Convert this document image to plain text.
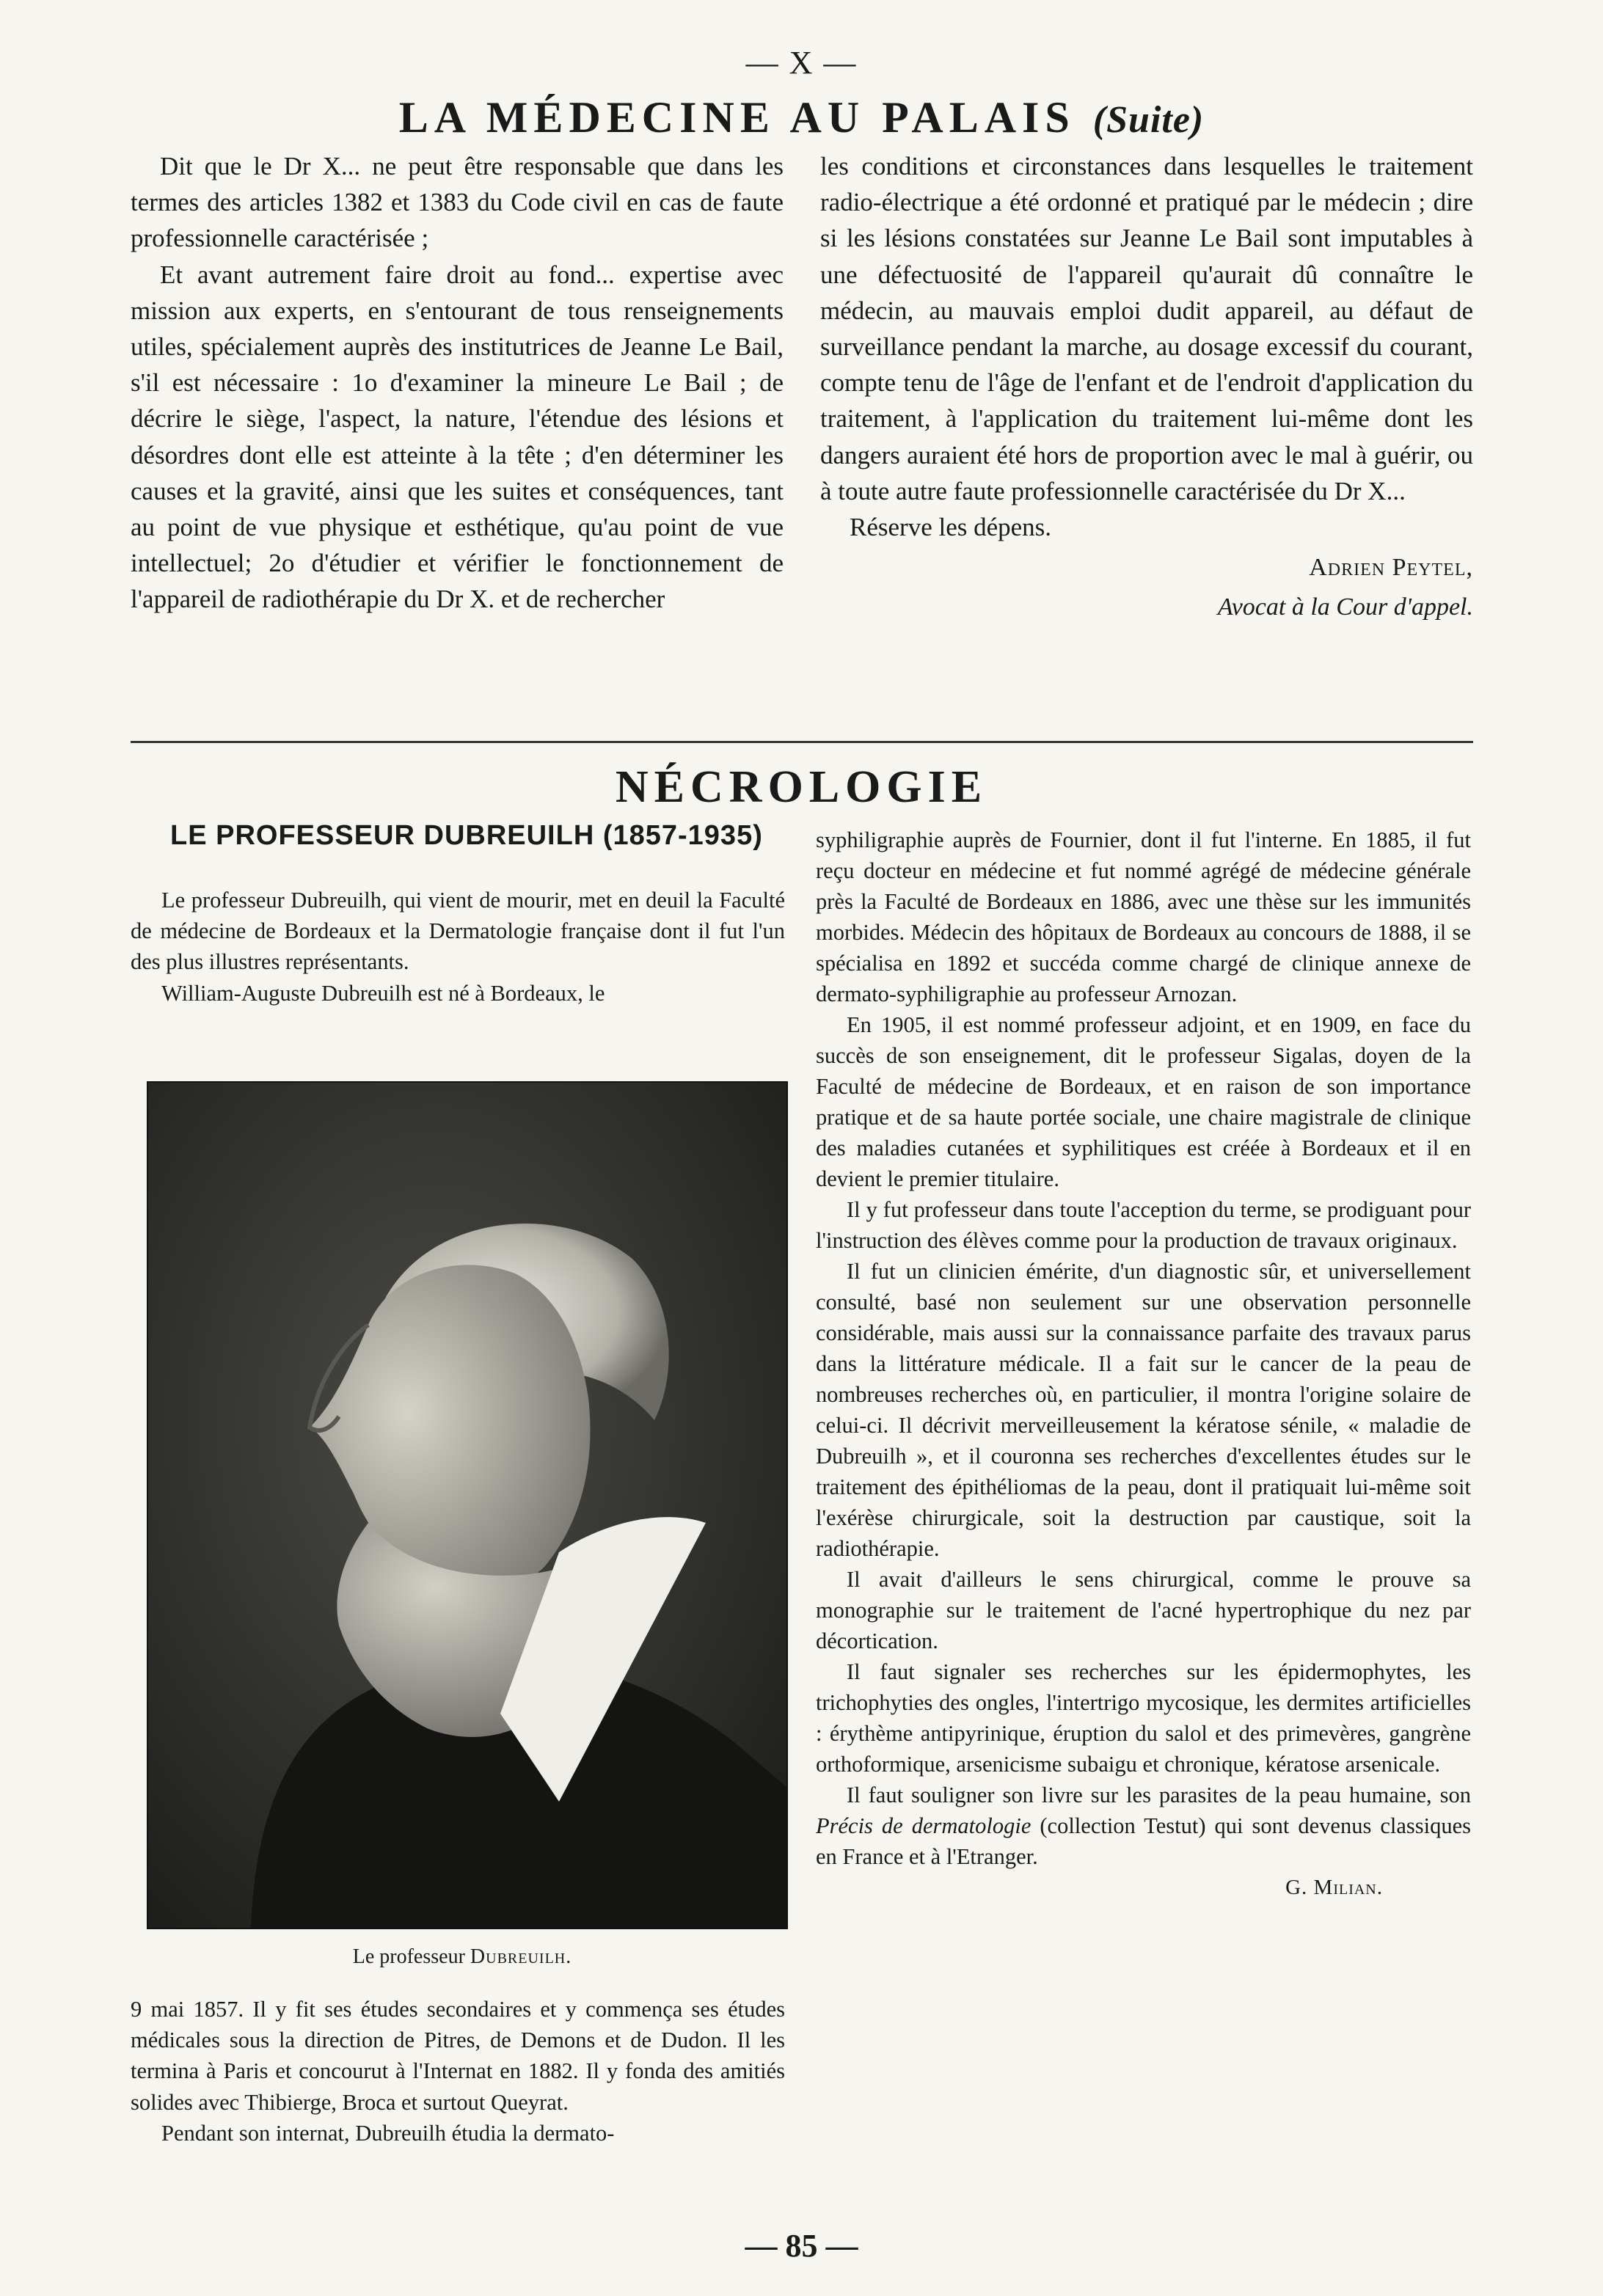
— X —
LA MÉDECINE AU PALAIS (Suite)

Dit que le Dr X... ne peut être responsable que dans les termes des articles 1382 et 1383 du Code civil en cas de faute professionnelle caractérisée ;

Et avant autrement faire droit au fond... expertise avec mission aux experts, en s'entourant de tous renseignements utiles, spécialement auprès des institutrices de Jeanne Le Bail, s'il est nécessaire : 1o d'examiner la mineure Le Bail ; de décrire le siège, l'aspect, la nature, l'étendue des lésions et désordres dont elle est atteinte à la tête ; d'en déterminer les causes et la gravité, ainsi que les suites et conséquences, tant au point de vue physique et esthétique, qu'au point de vue intellectuel; 2o d'étudier et vérifier le fonctionnement de l'appareil de radiothérapie du Dr X. et de rechercher

les conditions et circonstances dans lesquelles le traitement radio-électrique a été ordonné et pratiqué par le médecin ; dire si les lésions constatées sur Jeanne Le Bail sont imputables à une défectuosité de l'appareil qu'aurait dû connaître le médecin, au mauvais emploi dudit appareil, au défaut de surveillance pendant la marche, au dosage excessif du courant, compte tenu de l'âge de l'enfant et de l'endroit d'application du traitement, à l'application du traitement lui-même dont les dangers auraient été hors de proportion avec le mal à guérir, ou à toute autre faute professionnelle caractérisée du Dr X...

Réserve les dépens.

Adrien Peytel,
Avocat à la Cour d'appel.
NÉCROLOGIE
LE PROFESSEUR DUBREUILH (1857-1935)

Le professeur Dubreuilh, qui vient de mourir, met en deuil la Faculté de médecine de Bordeaux et la Dermatologie française dont il fut l'un des plus illustres représentants.

William-Auguste Dubreuilh est né à Bordeaux, le

Le professeur Dubreuilh.

9 mai 1857. Il y fit ses études secondaires et y commença ses études médicales sous la direction de Pitres, de Demons et de Dudon. Il les termina à Paris et concourut à l'Internat en 1882. Il y fonda des amitiés solides avec Thibierge, Broca et surtout Queyrat.

Pendant son internat, Dubreuilh étudia la dermato-

syphiligraphie auprès de Fournier, dont il fut l'interne. En 1885, il fut reçu docteur en médecine et fut nommé agrégé de médecine générale près la Faculté de Bordeaux en 1886, avec une thèse sur les immunités morbides. Médecin des hôpitaux de Bordeaux au concours de 1888, il se spécialisa en 1892 et succéda comme chargé de clinique annexe de dermato-syphiligraphie au professeur Arnozan.

En 1905, il est nommé professeur adjoint, et en 1909, en face du succès de son enseignement, dit le professeur Sigalas, doyen de la Faculté de médecine de Bordeaux, et en raison de son importance pratique et de sa haute portée sociale, une chaire magistrale de clinique des maladies cutanées et syphilitiques est créée à Bordeaux et il en devient le premier titulaire.

Il y fut professeur dans toute l'acception du terme, se prodiguant pour l'instruction des élèves comme pour la production de travaux originaux.

Il fut un clinicien émérite, d'un diagnostic sûr, et universellement consulté, basé non seulement sur une observation personnelle considérable, mais aussi sur la connaissance parfaite des travaux parus dans la littérature médicale. Il a fait sur le cancer de la peau de nombreuses recherches où, en particulier, il montra l'origine solaire de celui-ci. Il décrivit merveilleusement la kératose sénile, « maladie de Dubreuilh », et il couronna ses recherches d'excellentes études sur le traitement des épithéliomas de la peau, dont il pratiquait lui-même soit l'exérèse chirurgicale, soit la destruction par caustique, soit la radiothérapie.

Il avait d'ailleurs le sens chirurgical, comme le prouve sa monographie sur le traitement de l'acné hypertrophique du nez par décortication.

Il faut signaler ses recherches sur les épidermophytes, les trichophyties des ongles, l'intertrigo mycosique, les dermites artificielles : érythème antipyrinique, éruption du salol et des primevères, gangrène orthoformique, arsenicisme subaigu et chronique, kératose arsenicale.

Il faut souligner son livre sur les parasites de la peau humaine, son Précis de dermatologie (collection Testut) qui sont devenus classiques en France et à l'Etranger.

G. Milian.
— 85 —
